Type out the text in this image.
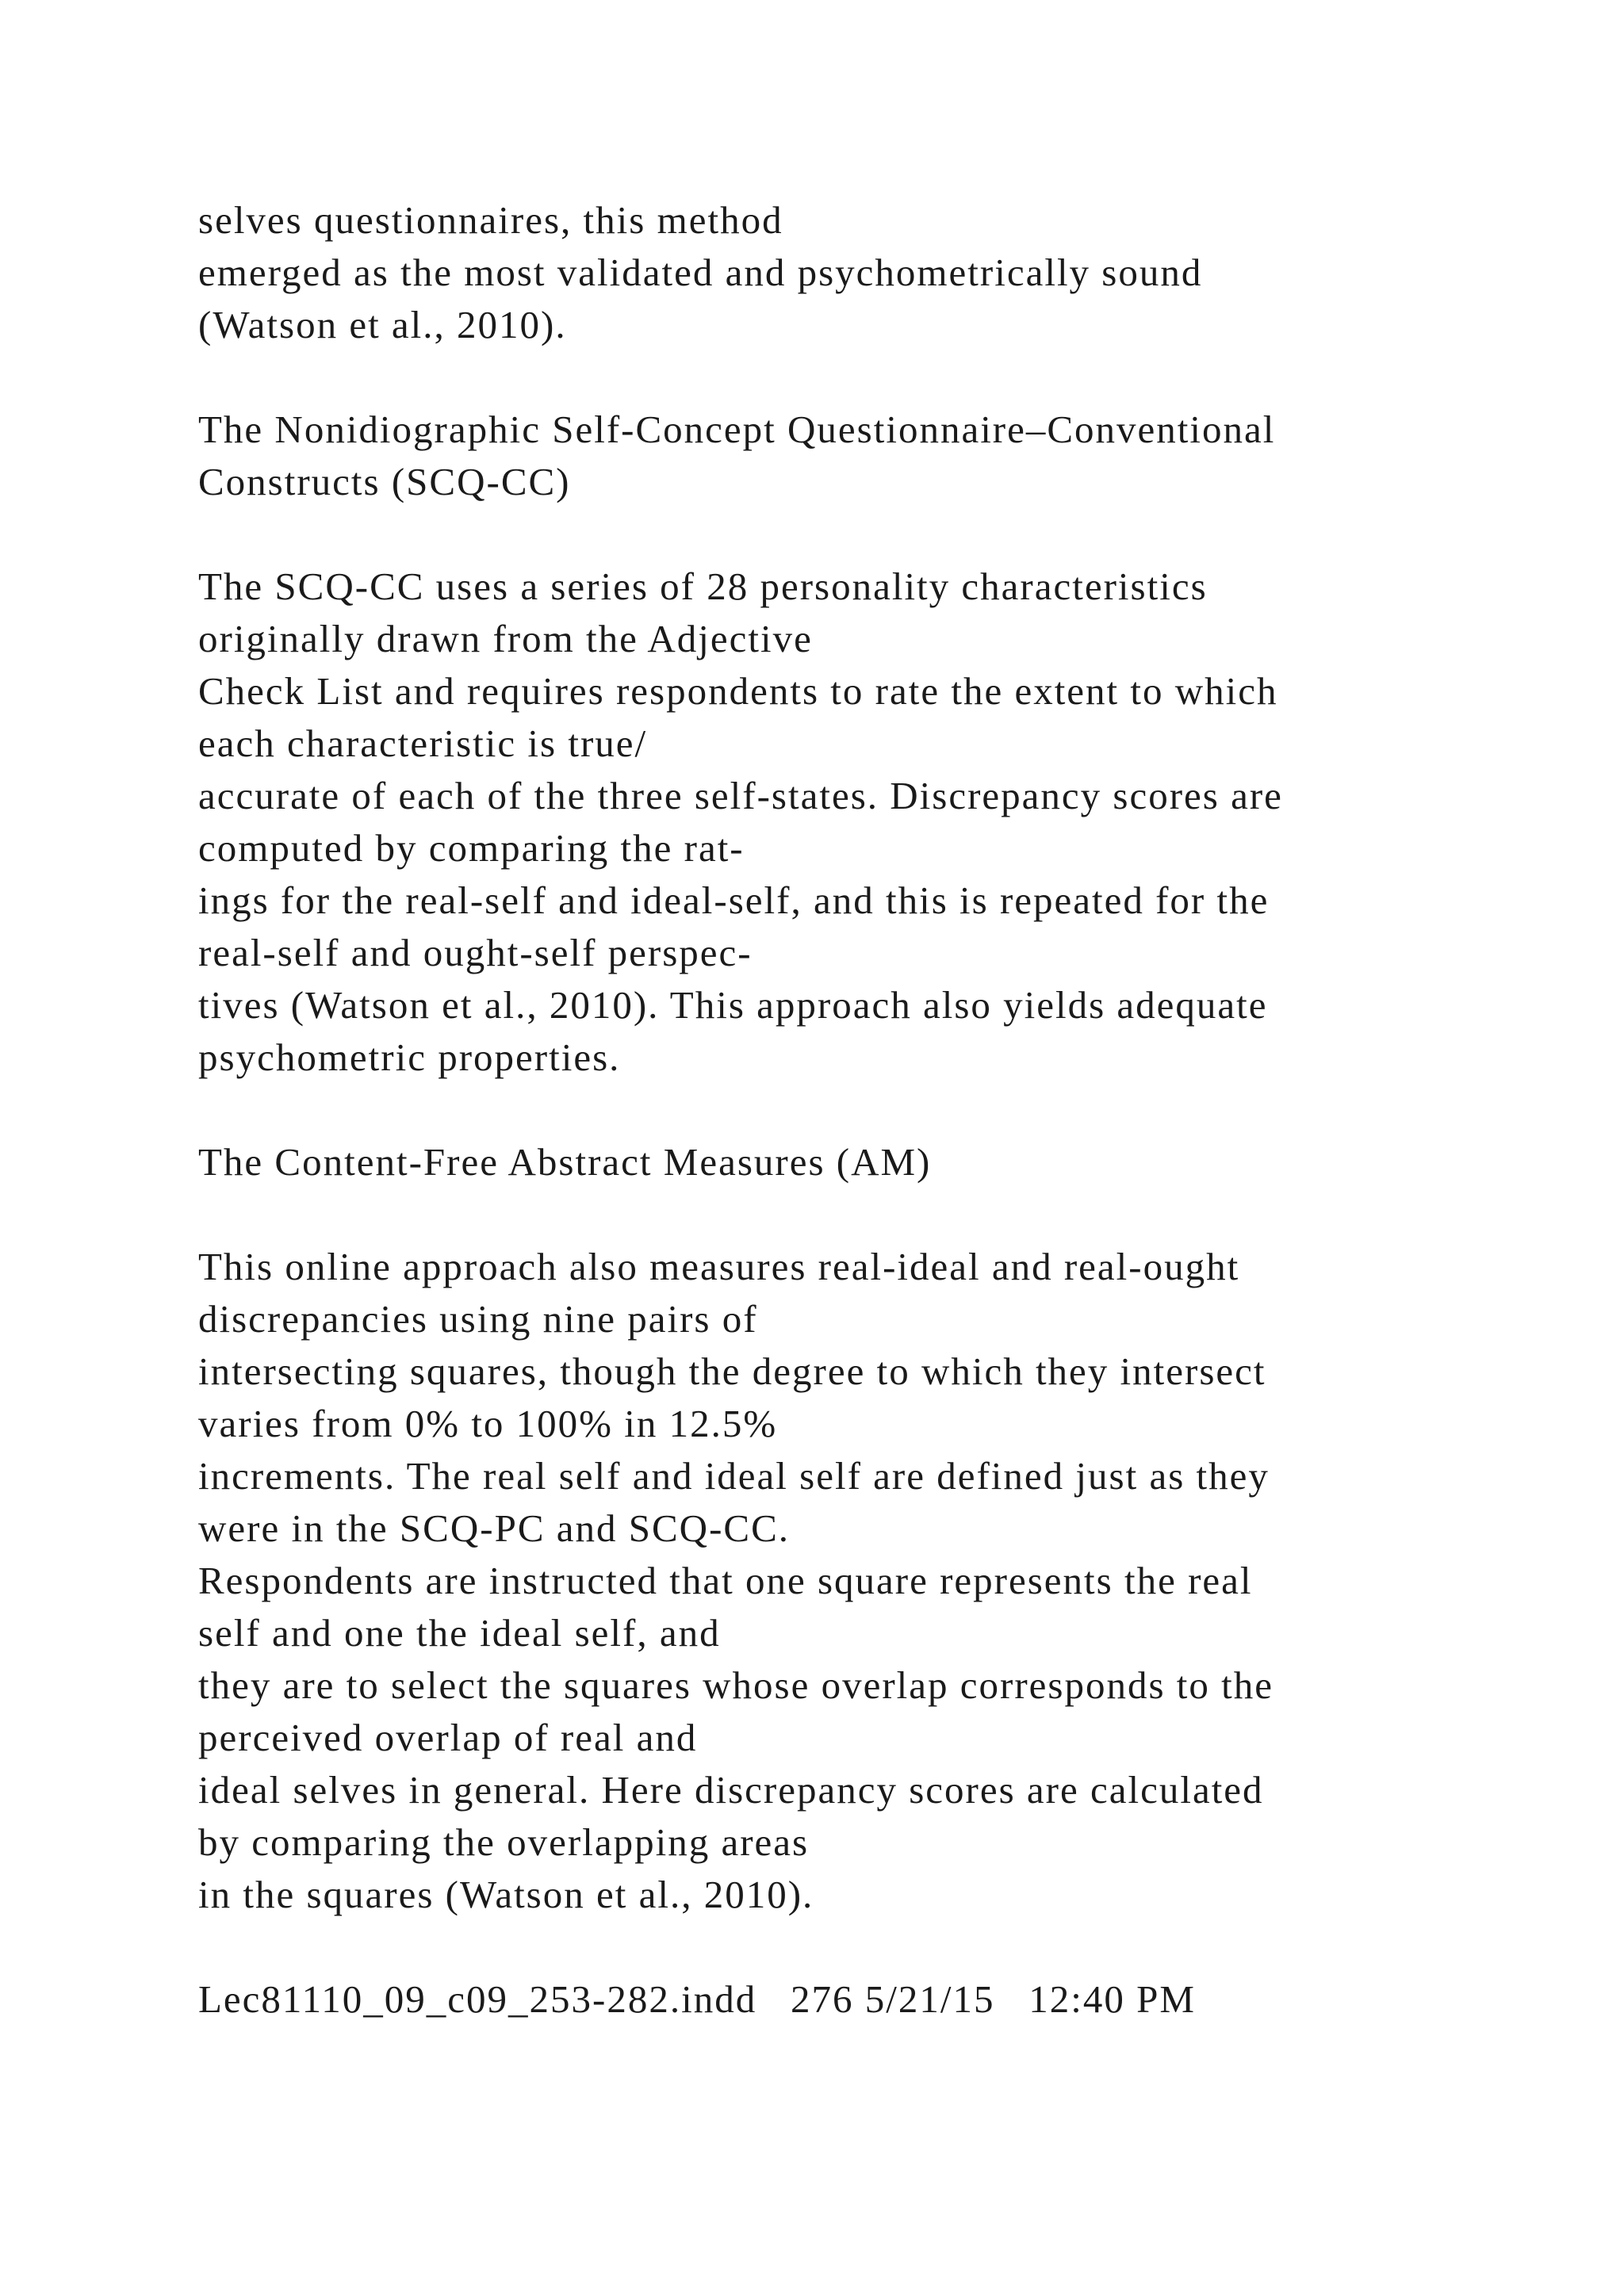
selves questionnaires, this method
emerged as the most validated and psychometrically sound
(Watson et al., 2010).
The Nonidiographic Self-Concept Questionnaire–Conventional
Constructs (SCQ-CC)
The SCQ-CC uses a series of 28 personality characteristics
originally drawn from the Adjective
Check List and requires respondents to rate the extent to which
each characteristic is true/
accurate of each of the three self-states. Discrepancy scores are
computed by comparing the rat-
ings for the real-self and ideal-self, and this is repeated for the
real-self and ought-self perspec-
tives (Watson et al., 2010). This approach also yields adequate
psychometric properties.
The Content-Free Abstract Measures (AM)
This online approach also measures real-ideal and real-ought
discrepancies using nine pairs of
intersecting squares, though the degree to which they intersect
varies from 0% to 100% in 12.5%
increments. The real self and ideal self are defined just as they
were in the SCQ-PC and SCQ-CC.
Respondents are instructed that one square represents the real
self and one the ideal self, and
they are to select the squares whose overlap corresponds to the
perceived overlap of real and
ideal selves in general. Here discrepancy scores are calculated
by comparing the overlapping areas
in the squares (Watson et al., 2010).
Lec81110_09_c09_253-282.indd   276 5/21/15   12:40 PM
